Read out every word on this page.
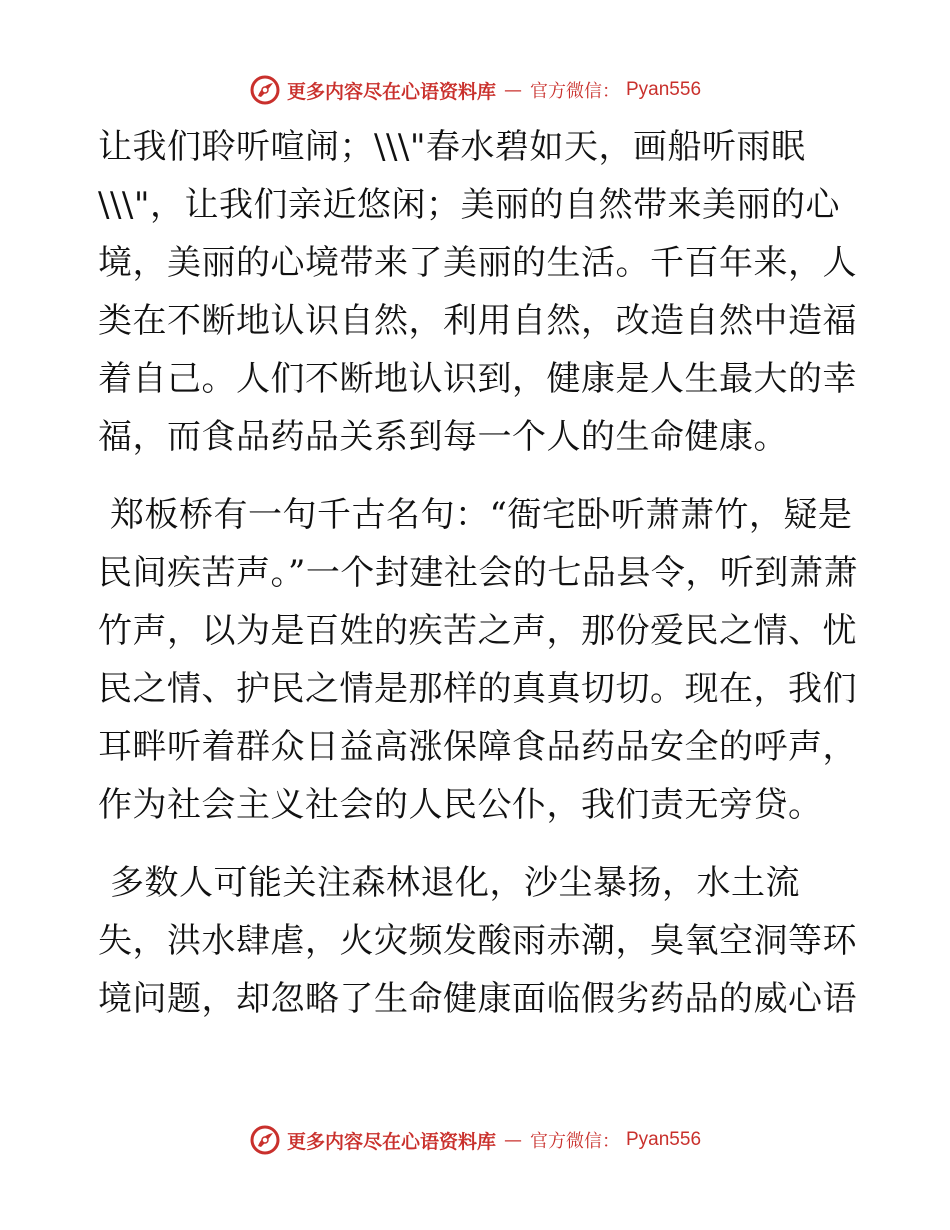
更多内容尽在心语资料库 — 官方微信： Pyan556

让我们聆听喧闹；\\\"春水碧如天，画船听雨眠\\\"，让我们亲近悠闲；美丽的自然带来美丽的心境，美丽的心境带来了美丽的生活。千百年来，人类在不断地认识自然，利用自然，改造自然中造福着自己。人们不断地认识到，健康是人生最大的幸福，而食品药品关系到每一个人的生命健康。

郑板桥有一句千古名句：“衙宅卧听萧萧竹，疑是民间疾苦声。”一个封建社会的七品县令，听到萧萧竹声，以为是百姓的疾苦之声，那份爱民之情、忧民之情、护民之情是那样的真真切切。现在，我们耳畔听着群众日益高涨保障食品药品安全的呼声，作为社会主义社会的人民公仆，我们责无旁贷。

多数人可能关注森林退化，沙尘暴扬，水土流失，洪水肆虐，火灾频发酸雨赤潮，臭氧空洞等环境问题，却忽略了生命健康面临假劣药品的威心语

更多内容尽在心语资料库 — 官方微信： Pyan556
